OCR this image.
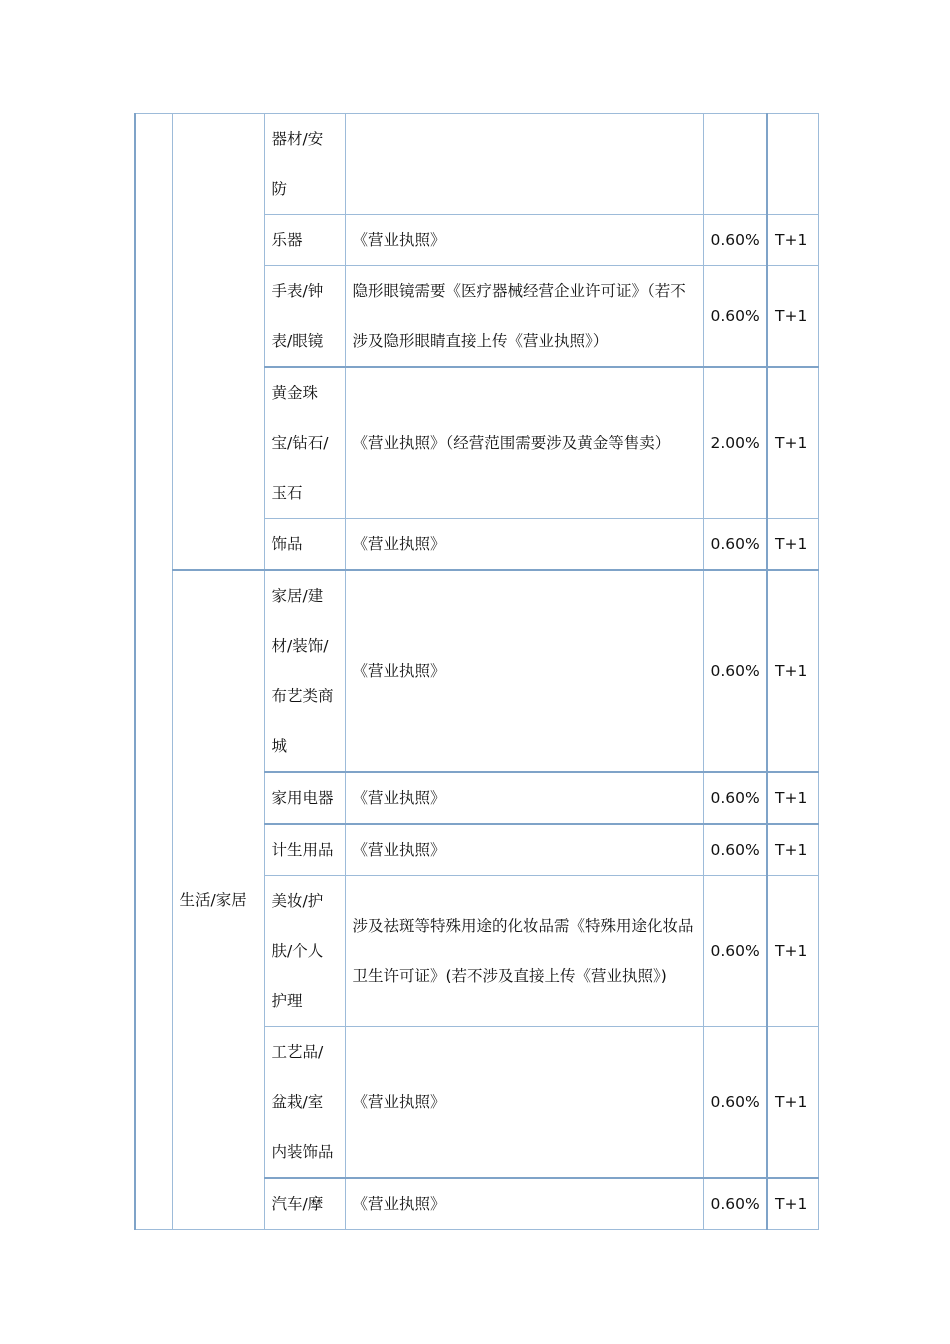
		器材/安防			
		乐器	《营业执照》	0.60%	T+1
		手表/钟表/眼镜	隐形眼镜需要《医疗器械经营企业许可证》（若不涉及隐形眼睛直接上传《营业执照》）	0.60%	T+1
		黄金珠宝/钻石/玉石	《营业执照》（经营范围需要涉及黄金等售卖）	2.00%	T+1
		饰品	《营业执照》	0.60%	T+1
	生活/家居	家居/建材/装饰/布艺类商城	《营业执照》	0.60%	T+1
		家用电器	《营业执照》	0.60%	T+1
		计生用品	《营业执照》	0.60%	T+1
		美妆/护肤/个人护理	涉及祛斑等特殊用途的化妆品需《特殊用途化妆品卫生许可证》(若不涉及直接上传《营业执照》)	0.60%	T+1
		工艺品/盆栽/室内装饰品	《营业执照》	0.60%	T+1
		汽车/摩	《营业执照》	0.60%	T+1
